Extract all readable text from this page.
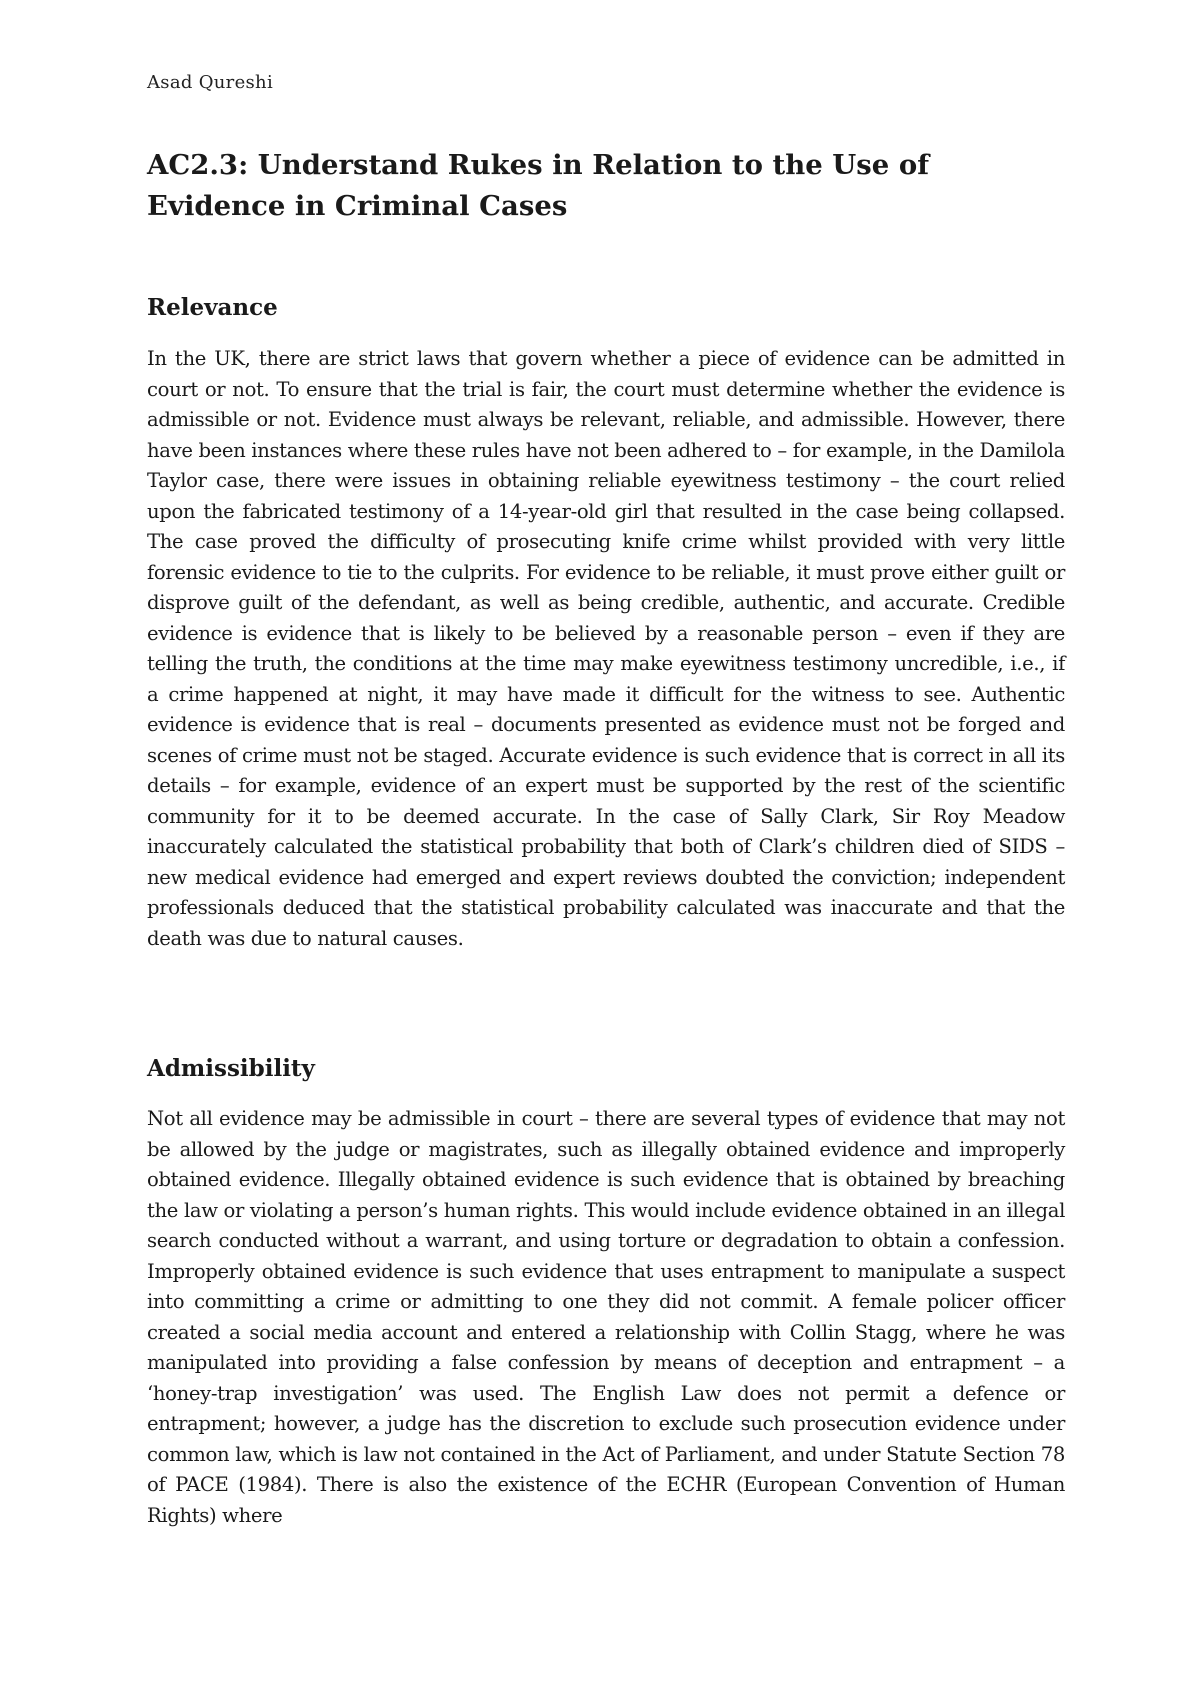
Asad Qureshi
AC2.3: Understand Rukes in Relation to the Use of Evidence in Criminal Cases
Relevance

In the UK, there are strict laws that govern whether a piece of evidence can be admitted in court or not. To ensure that the trial is fair, the court must determine whether the evidence is admissible or not. Evidence must always be relevant, reliable, and admissible. However, there have been instances where these rules have not been adhered to – for example, in the Damilola Taylor case, there were issues in obtaining reliable eyewitness testimony – the court relied upon the fabricated testimony of a 14-year-old girl that resulted in the case being collapsed. The case proved the difficulty of prosecuting knife crime whilst provided with very little forensic evidence to tie to the culprits. For evidence to be reliable, it must prove either guilt or disprove guilt of the defendant, as well as being credible, authentic, and accurate. Credible evidence is evidence that is likely to be believed by a reasonable person – even if they are telling the truth, the conditions at the time may make eyewitness testimony uncredible, i.e., if a crime happened at night, it may have made it difficult for the witness to see. Authentic evidence is evidence that is real – documents presented as evidence must not be forged and scenes of crime must not be staged. Accurate evidence is such evidence that is correct in all its details – for example, evidence of an expert must be supported by the rest of the scientific community for it to be deemed accurate. In the case of Sally Clark, Sir Roy Meadow inaccurately calculated the statistical probability that both of Clark’s children died of SIDS – new medical evidence had emerged and expert reviews doubted the conviction; independent professionals deduced that the statistical probability calculated was inaccurate and that the death was due to natural causes.

Admissibility

Not all evidence may be admissible in court – there are several types of evidence that may not be allowed by the judge or magistrates, such as illegally obtained evidence and improperly obtained evidence. Illegally obtained evidence is such evidence that is obtained by breaching the law or violating a person’s human rights. This would include evidence obtained in an illegal search conducted without a warrant, and using torture or degradation to obtain a confession. Improperly obtained evidence is such evidence that uses entrapment to manipulate a suspect into committing a crime or admitting to one they did not commit. A female policer officer created a social media account and entered a relationship with Collin Stagg, where he was manipulated into providing a false confession by means of deception and entrapment – a ‘honey-trap investigation’ was used. The English Law does not permit a defence or entrapment; however, a judge has the discretion to exclude such prosecution evidence under common law, which is law not contained in the Act of Parliament, and under Statute Section 78 of PACE (1984). There is also the existence of the ECHR (European Convention of Human Rights) where
